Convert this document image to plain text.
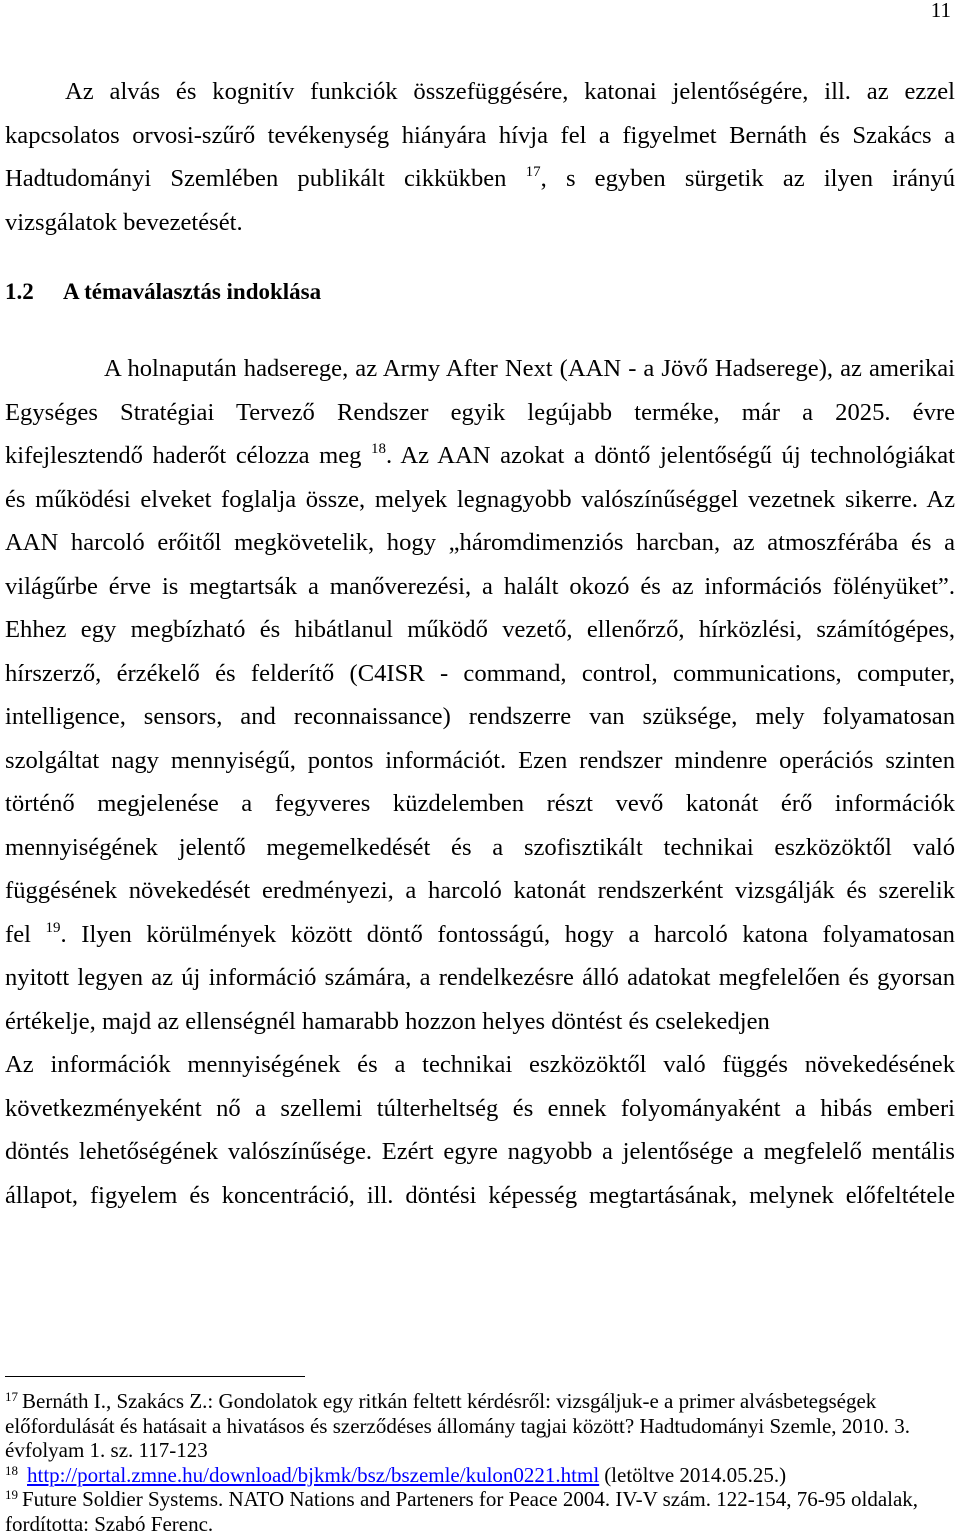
11
Az alvás és kognitív funkciók összefüggésére, katonai jelentőségére, ill. az ezzel
kapcsolatos orvosi-szűrő tevékenység hiányára hívja fel a figyelmet Bernáth és Szakács a
Hadtudományi Szemlében publikált cikkükben $^{17}$, s egyben sürgetik az ilyen irányú
vizsgálatok bevezetését.
1.2 A témaválasztás indoklása
A holnapután hadserege, az Army After Next (AAN - a Jövő Hadserege), az amerikai
Egységes Stratégiai Tervező Rendszer egyik legújabb terméke, már a 2025. évre
kifejlesztendő haderőt célozza meg $^{18}$. Az AAN azokat a döntő jelentőségű új technológiákat
és működési elveket foglalja össze, melyek legnagyobb valószínűséggel vezetnek sikerre. Az
AAN harcoló erőitől megkövetelik, hogy „háromdimenziós harcban, az atmoszférába és a
világűrbe érve is megtartsák a manőverezési, a halált okozó és az információs fölényüket”.
Ehhez egy megbízható és hibátlanul működő vezető, ellenőrző, hírközlési, számítógépes,
hírszerző, érzékelő és felderítő (C4ISR - command, control, communications, computer,
intelligence, sensors, and reconnaissance) rendszerre van szüksége, mely folyamatosan
szolgáltat nagy mennyiségű, pontos információt. Ezen rendszer mindenre operációs szinten
történő megjelenése a fegyveres küzdelemben részt vevő katonát érő információk
mennyiségének jelentő megemelkedését és a szofisztikált technikai eszközöktől való
függésének növekedését eredményezi, a harcoló katonát rendszerként vizsgálják és szerelik
fel $^{19}$. Ilyen körülmények között döntő fontosságú, hogy a harcoló katona folyamatosan
nyitott legyen az új információ számára, a rendelkezésre álló adatokat megfelelően és gyorsan
értékelje, majd az ellenségnél hamarabb hozzon helyes döntést és cselekedjen
Az információk mennyiségének és a technikai eszközöktől való függés növekedésének
következményeként nő a szellemi túlterheltség és ennek folyományaként a hibás emberi
döntés lehetőségének valószínűsége. Ezért egyre nagyobb a jelentősége a megfelelő mentális
állapot, figyelem és koncentráció, ill. döntési képesség megtartásának, melynek előfeltétele
$^{17}$ Bernáth I., Szakács Z.: Gondolatok egy ritkán feltett kérdésről: vizsgáljuk-e a primer alvásbetegségek
előfordulását és hatásait a hivatásos és szerződéses állomány tagjai között? Hadtudományi Szemle, 2010. 3.
évfolyam 1. sz. 117-123
$^{18}$ http://portal.zmne.hu/download/bjkmk/bsz/bszemle/kulon0221.html (letöltve 2014.05.25.)
$^{19}$ Future Soldier Systems. NATO Nations and Parteners for Peace 2004. IV-V szám. 122-154, 76-95 oldalak,
fordította: Szabó Ferenc.
